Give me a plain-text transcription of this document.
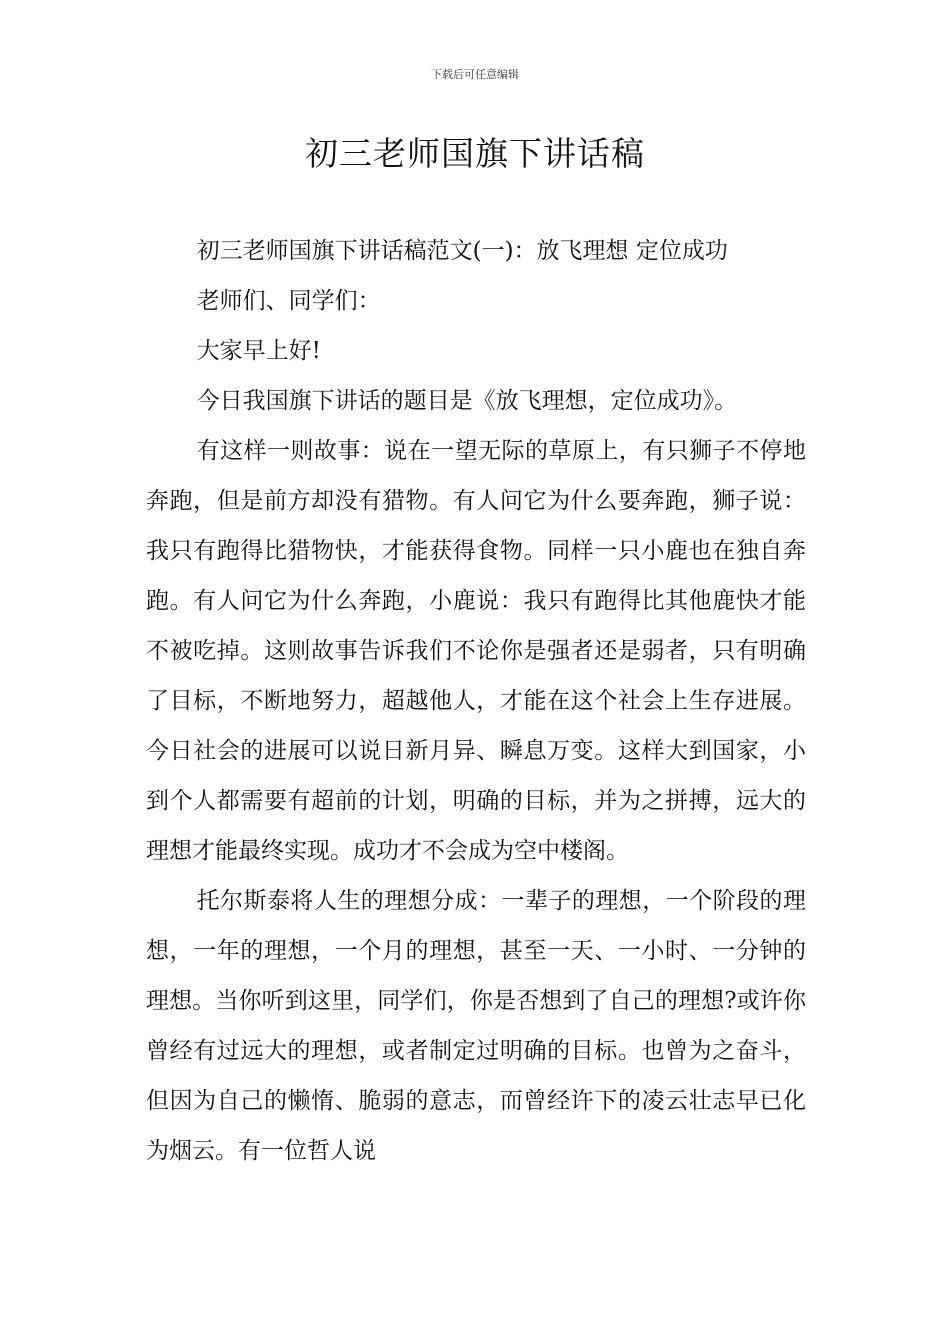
下载后可任意编辑
初三老师国旗下讲话稿

初三老师国旗下讲话稿范文(一)：放飞理想 定位成功

老师们、同学们：

大家早上好!

今日我国旗下讲话的题目是《放飞理想，定位成功》。

有这样一则故事：说在一望无际的草原上，有只狮子不停地奔跑，但是前方却没有猎物。有人问它为什么要奔跑，狮子说：我只有跑得比猎物快，才能获得食物。同样一只小鹿也在独自奔跑。有人问它为什么奔跑，小鹿说：我只有跑得比其他鹿快才能不被吃掉。这则故事告诉我们不论你是强者还是弱者，只有明确了目标，不断地努力，超越他人，才能在这个社会上生存进展。今日社会的进展可以说日新月异、瞬息万变。这样大到国家，小到个人都需要有超前的计划，明确的目标，并为之拼搏，远大的理想才能最终实现。成功才不会成为空中楼阁。

托尔斯泰将人生的理想分成：一辈子的理想，一个阶段的理想，一年的理想，一个月的理想，甚至一天、一小时、一分钟的理想。当你听到这里，同学们，你是否想到了自己的理想?或许你曾经有过远大的理想，或者制定过明确的目标。也曾为之奋斗，但因为自己的懒惰、脆弱的意志，而曾经许下的凌云壮志早已化为烟云。有一位哲人说
